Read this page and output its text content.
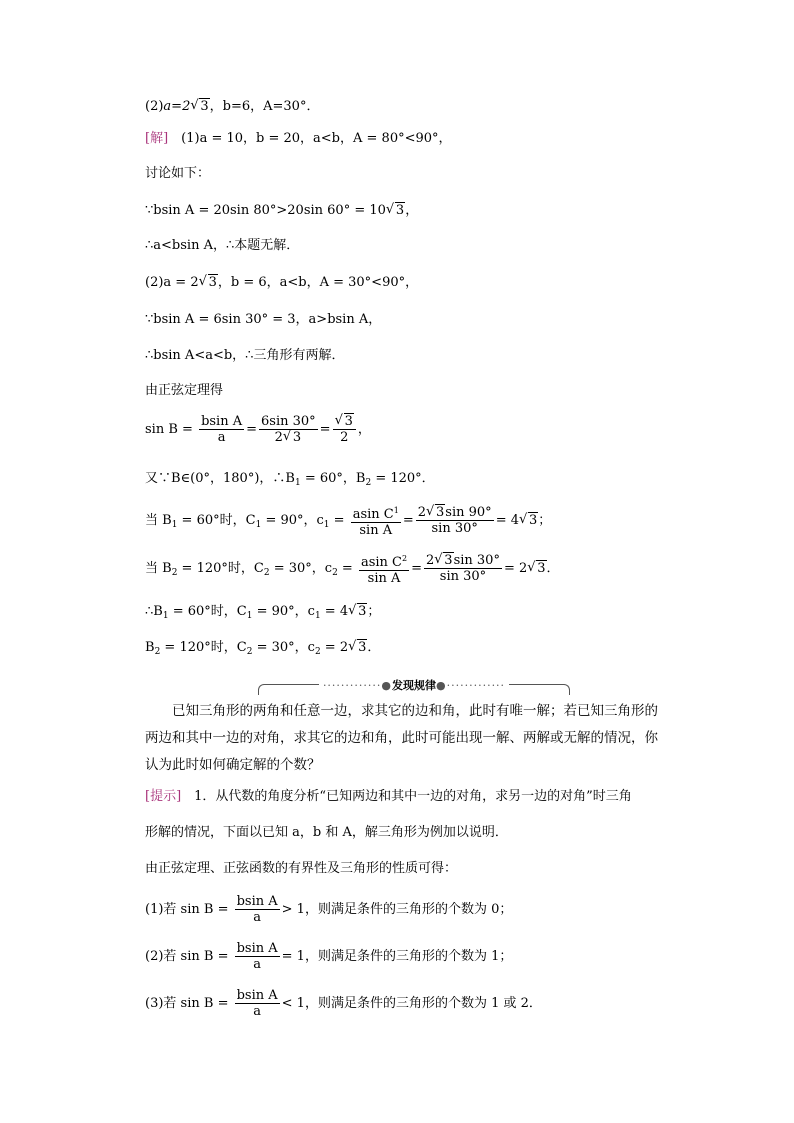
(2)a=2√ 3，b=6，A=30°．
[解]　(1)a = 10，b = 20，a<b，A = 80°<90°，
讨论如下：
∵bsin A = 20sin 80°>20sin 60° = 10√ 3，
∴a<bsin A，∴本题无解．
(2)a = 2√ 3，b = 6，a<b，A = 30°<90°，
∵bsin A = 6sin 30° = 3，a>bsin A，
∴bsin A<a<b，∴三角形有两解．
由正弦定理得
$\sin B = \frac{\text{bsin A}}{a} = \frac{6\sin 30^\circ}{2√ 3}$ =
√ $\frac{3}{2}$ ，
又∵B∈(0°，180°)，$\therefore B_1 = 60^\circ$，$B_2 = 120^\circ$．
当 $B_1 = 60^\circ$时，$C_1 = 90^\circ$，$c_1 = \frac{asin C^1}{\text{sin A}} = \frac{2√ 3\sin 90^\circ}{\sin 30^\circ} = 4√$ 3；
当 $B_2 = 120^\circ$时，$C_2 = 30^\circ$，$c_2 = \frac{asin C^2}{\text{sin A}} = \frac{2√ 3\sin 30^\circ}{\sin 30^\circ} = 2√$ 3．
$\therefore B_1 = 60^\circ$时，$C_1 = 90^\circ$，$c_1 = 4√$ 3；
$B_2 = 120^\circ$时，$C_2 = 30^\circ$，$c_2 = 2√$ 3．
·············●发现规律●·············
　　已知三角形的两角和任意一边，求其它的边和角，此时有唯一解；若已知三角形的两边和其中一边的对角，求其它的边和角，此时可能出现一解、两解或无解的情况，你认为此时如何确定解的个数？
[提示]　1．从代数的角度分析“已知两边和其中一边的对角，求另一边的对角”时三角
形解的情况，下面以已知 a，b 和 A，解三角形为例加以说明．
由正弦定理、正弦函数的有界性及三角形的性质可得：
(1)若 $\sin B = \frac{\text{bsin A}}{a} > 1$，则满足条件的三角形的个数为 0；
(2)若 $\sin B = \frac{\text{bsin A}}{a} = 1$，则满足条件的三角形的个数为 1；
(3)若 $\sin B = \frac{\text{bsin A}}{a} < 1$，则满足条件的三角形的个数为 1 或 2．
